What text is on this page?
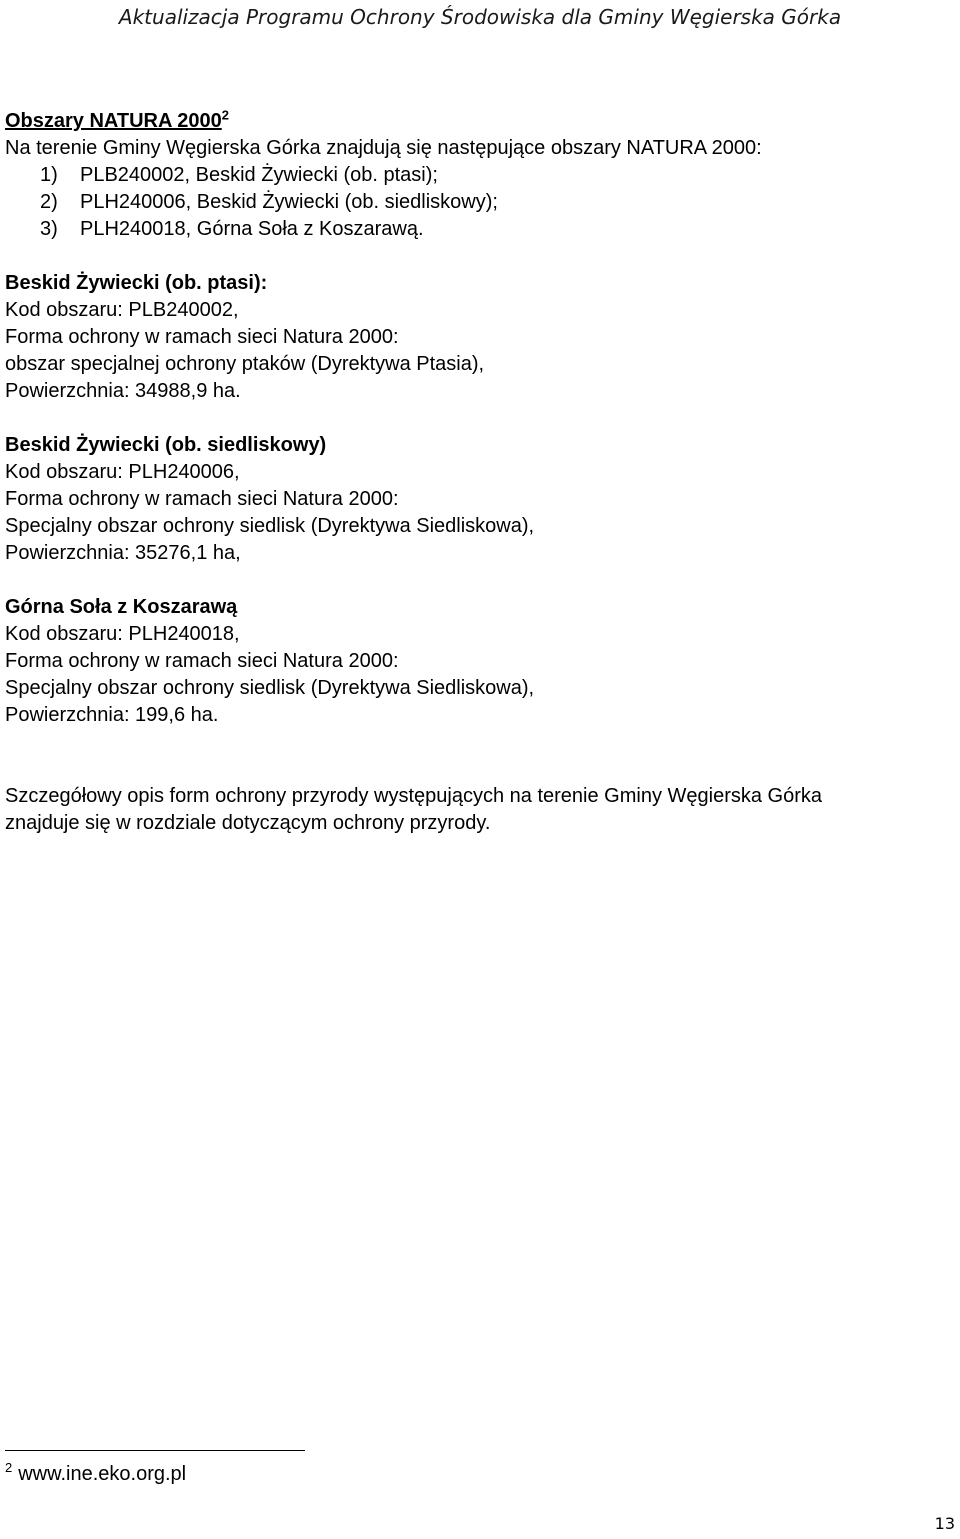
Aktualizacja Programu Ochrony Środowiska dla Gminy Węgierska Górka
Obszary NATURA 2000$^2$
Na terenie Gminy Węgierska Górka znajdują się następujące obszary NATURA 2000:
1)	PLB240002, Beskid Żywiecki (ob. ptasi);
2)	PLH240006, Beskid Żywiecki (ob. siedliskowy);
3)	PLH240018, Górna Soła z Koszarawą.
Beskid Żywiecki (ob. ptasi):
Kod obszaru: PLB240002,
Forma ochrony w ramach sieci Natura 2000:
obszar specjalnej ochrony ptaków (Dyrektywa Ptasia),
Powierzchnia: 34988,9 ha.
Beskid Żywiecki (ob. siedliskowy)
Kod obszaru: PLH240006,
Forma ochrony w ramach sieci Natura 2000:
Specjalny obszar ochrony siedlisk (Dyrektywa Siedliskowa),
Powierzchnia: 35276,1 ha,
Górna Soła z Koszarawą
Kod obszaru: PLH240018,
Forma ochrony w ramach sieci Natura 2000:
Specjalny obszar ochrony siedlisk (Dyrektywa Siedliskowa),
Powierzchnia: 199,6 ha.
Szczegółowy opis form ochrony przyrody występujących na terenie Gminy Węgierska Górka
znajduje się w rozdziale dotyczącym ochrony przyrody.
$^2$ www.ine.eko.org.pl
13
